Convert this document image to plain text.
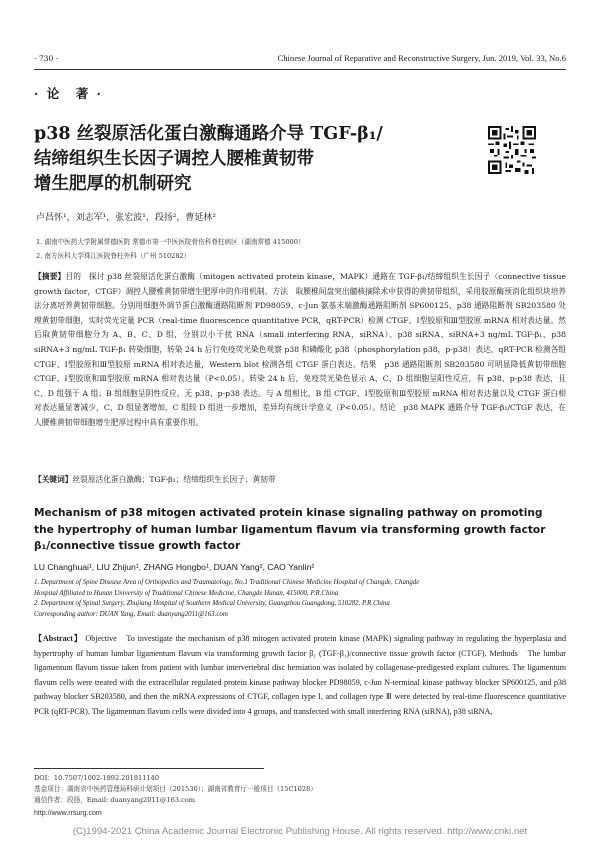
· 730 ·	Chinese Journal of Reparative and Reconstructive Surgery, Jun. 2019, Vol. 33, No.6
· 论　著 ·
p38 丝裂原活化蛋白激酶通路介导 TGF-β₁/
结缔组织生长因子调控人腰椎黄韧带
增生肥厚的机制研究
卢昌怀¹，刘志军¹，张宏波¹，段扬²，曹延林²
1. 湖南中医药大学附属常德医院 常德市第一中医医院骨伤科脊柱病区（湖南常德 415000）
2. 南方医科大学珠江医院脊柱外科（广州 510282）
【摘要】目的　探讨 p38 丝裂原活化蛋白激酶（mitogen activated protein kinase，MAPK）通路在 TGF-β₁/结缔组织生长因子（connective tissue growth factor，CTGF）调控人腰椎黄韧带增生肥厚中的作用机制。方法　取腰椎间盘突出髓核摘除术中获得的黄韧带组织，采用胶原酶预消化组织块培养法分离培养黄韧带细胞。分别用细胞外调节蛋白激酶通路阻断剂 PD98059、c-Jun 氨基末端激酶通路阻断剂 SP600125、p38 通路阻断剂 SB203580 处理黄韧带细胞，实时荧光定量 PCR（real-time fluorescence quantitative PCR，qRT-PCR）检测 CTGF、Ⅰ型胶原和Ⅲ型胶原 mRNA 相对表达量。然后取黄韧带细胞分为 A、B、C、D 组，分别以小干扰 RNA（small interfering RNA，siRNA）、p38 siRNA、siRNA+3 ng/mL TGF-β₁、p38 siRNA+3 ng/mL TGF-β₁ 转染细胞，转染 24 h 后行免疫荧光染色观察 p38 和磷酸化 p38（phosphorylation p38，p-p38）表达，qRT-PCR 检测各组 CTGF、Ⅰ型胶原和Ⅲ型胶原 mRNA 相对表达量，Western blot 检测各组 CTGF 蛋白表达。结果　p38 通路阻断剂 SB203580 可明显降低黄韧带细胞 CTGF、Ⅰ型胶原和Ⅲ型胶原 mRNA 相对表达量（P<0.05）。转染 24 h 后，免疫荧光染色显示 A、C、D 组细胞呈阳性反应，有 p38、p-p38 表达，且 C、D 组强于 A 组；B 组细胞呈阴性反应，无 p38、p-p38 表达。与 A 组相比，B 组 CTGF、Ⅰ型胶原和Ⅲ型胶原 mRNA 相对表达量以及 CTGF 蛋白相对表达量显著减少，C、D 组显著增加，C 组较 D 组进一步增加，差异均有统计学意义（P<0.05）。结论　p38 MAPK 通路介导 TGF-β₁/CTGF 表达，在人腰椎黄韧带细胞增生肥厚过程中具有重要作用。
【关键词】丝裂原活化蛋白激酶；TGF-β₁；结缔组织生长因子；黄韧带
Mechanism of p38 mitogen activated protein kinase signaling pathway on promoting
the hypertrophy of human lumbar ligamentum flavum via transforming growth factor
β₁/connective tissue growth factor
LU Changhuai¹, LIU Zhijun¹, ZHANG Hongbo¹, DUAN Yang², CAO Yanlin²
1. Department of Spine Disease Area of Orthopedics and Traumatology, No.1 Traditional Chinese Medicine Hospital of Changde, Changde
Hospital Affiliated to Hunan University of Traditional Chinese Medicine, Changde Hunan, 415000, P.R.China
2. Department of Spinal Surgery, Zhujiang Hospital of Southern Medical University, Guangzhou Guangdong, 510282, P.R.China
Corresponding author: DUAN Yang, Email: duanyang2011@163.com
【Abstract】 Objective　To investigate the mechanism of p38 mitogen activated protein kinase (MAPK) signaling pathway in regulating the hyperplasia and hypertrophy of human lumbar ligamentum flavum via transforming growth factor β₁ (TGF-β₁)/connective tissue growth factor (CTGF). Methods　The lumbar ligamentum flavum tissue taken from patient with lumbar intervertebral disc herniation was isolated by collagenase-predigested explant cultures. The ligamentum flavum cells were treated with the extracellular regulated protein kinase pathway blocker PD98059, c-Jun N-terminal kinase pathway blocker SP600125, and p38 pathway blocker SB203580, and then the mRNA expressions of CTGF, collagen type Ⅰ, and collagen type Ⅲ were detected by real-time fluorescence quantitative PCR (qRT-PCR). The ligamentum flavum cells were divided into 4 groups, and transfected with small interfering RNA (siRNA), p38 siRNA,
DOI：10.7507/1002-1892.201811140
基金项目：湖南省中医药管理局科研计划项目（201530）；湖南省教育厅一般项目（15C1028）
通信作者：段扬，Email: duanyang2011@163.com
http://www.rrsurg.com
(C)1994-2021 China Academic Journal Electronic Publishing House. All rights reserved. http://www.cnki.net
